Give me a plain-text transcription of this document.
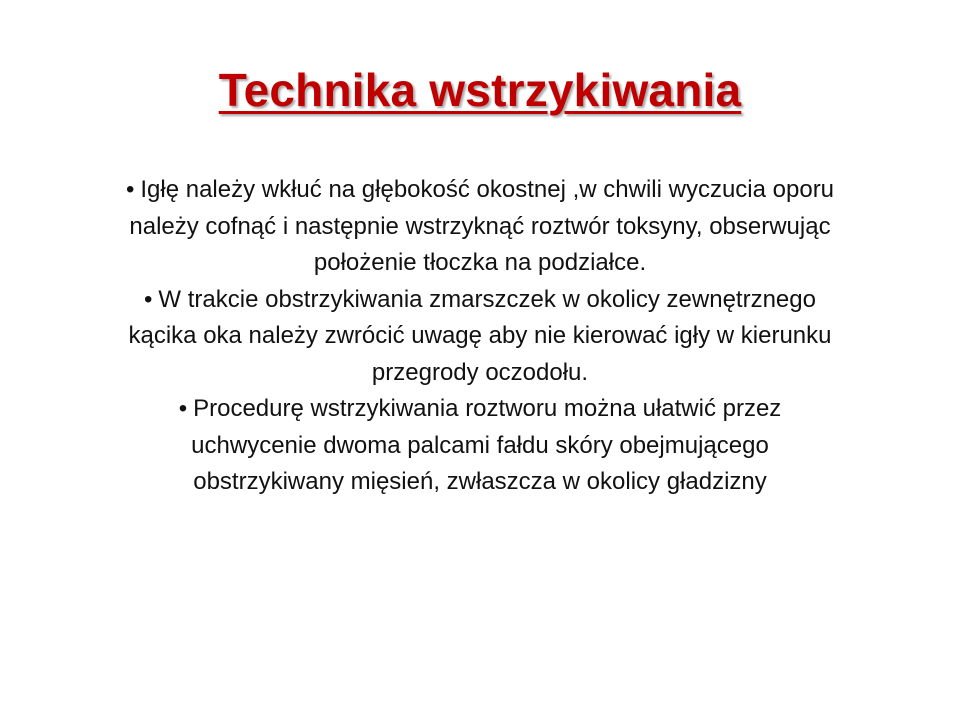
Technika wstrzykiwania

• Igłę należy wkłuć na głębokość okostnej ,w chwili wyczucia oporu należy cofnąć i następnie wstrzyknąć roztwór toksyny, obserwując położenie tłoczka na podziałce.

• W trakcie obstrzykiwania zmarszczek w okolicy zewnętrznego kącika oka należy zwrócić uwagę aby nie kierować igły w kierunku przegrody oczodołu.

• Procedurę wstrzykiwania roztworu można ułatwić przez uchwycenie dwoma palcami fałdu skóry obejmującego obstrzykiwany mięsień, zwłaszcza w okolicy gładzizny
